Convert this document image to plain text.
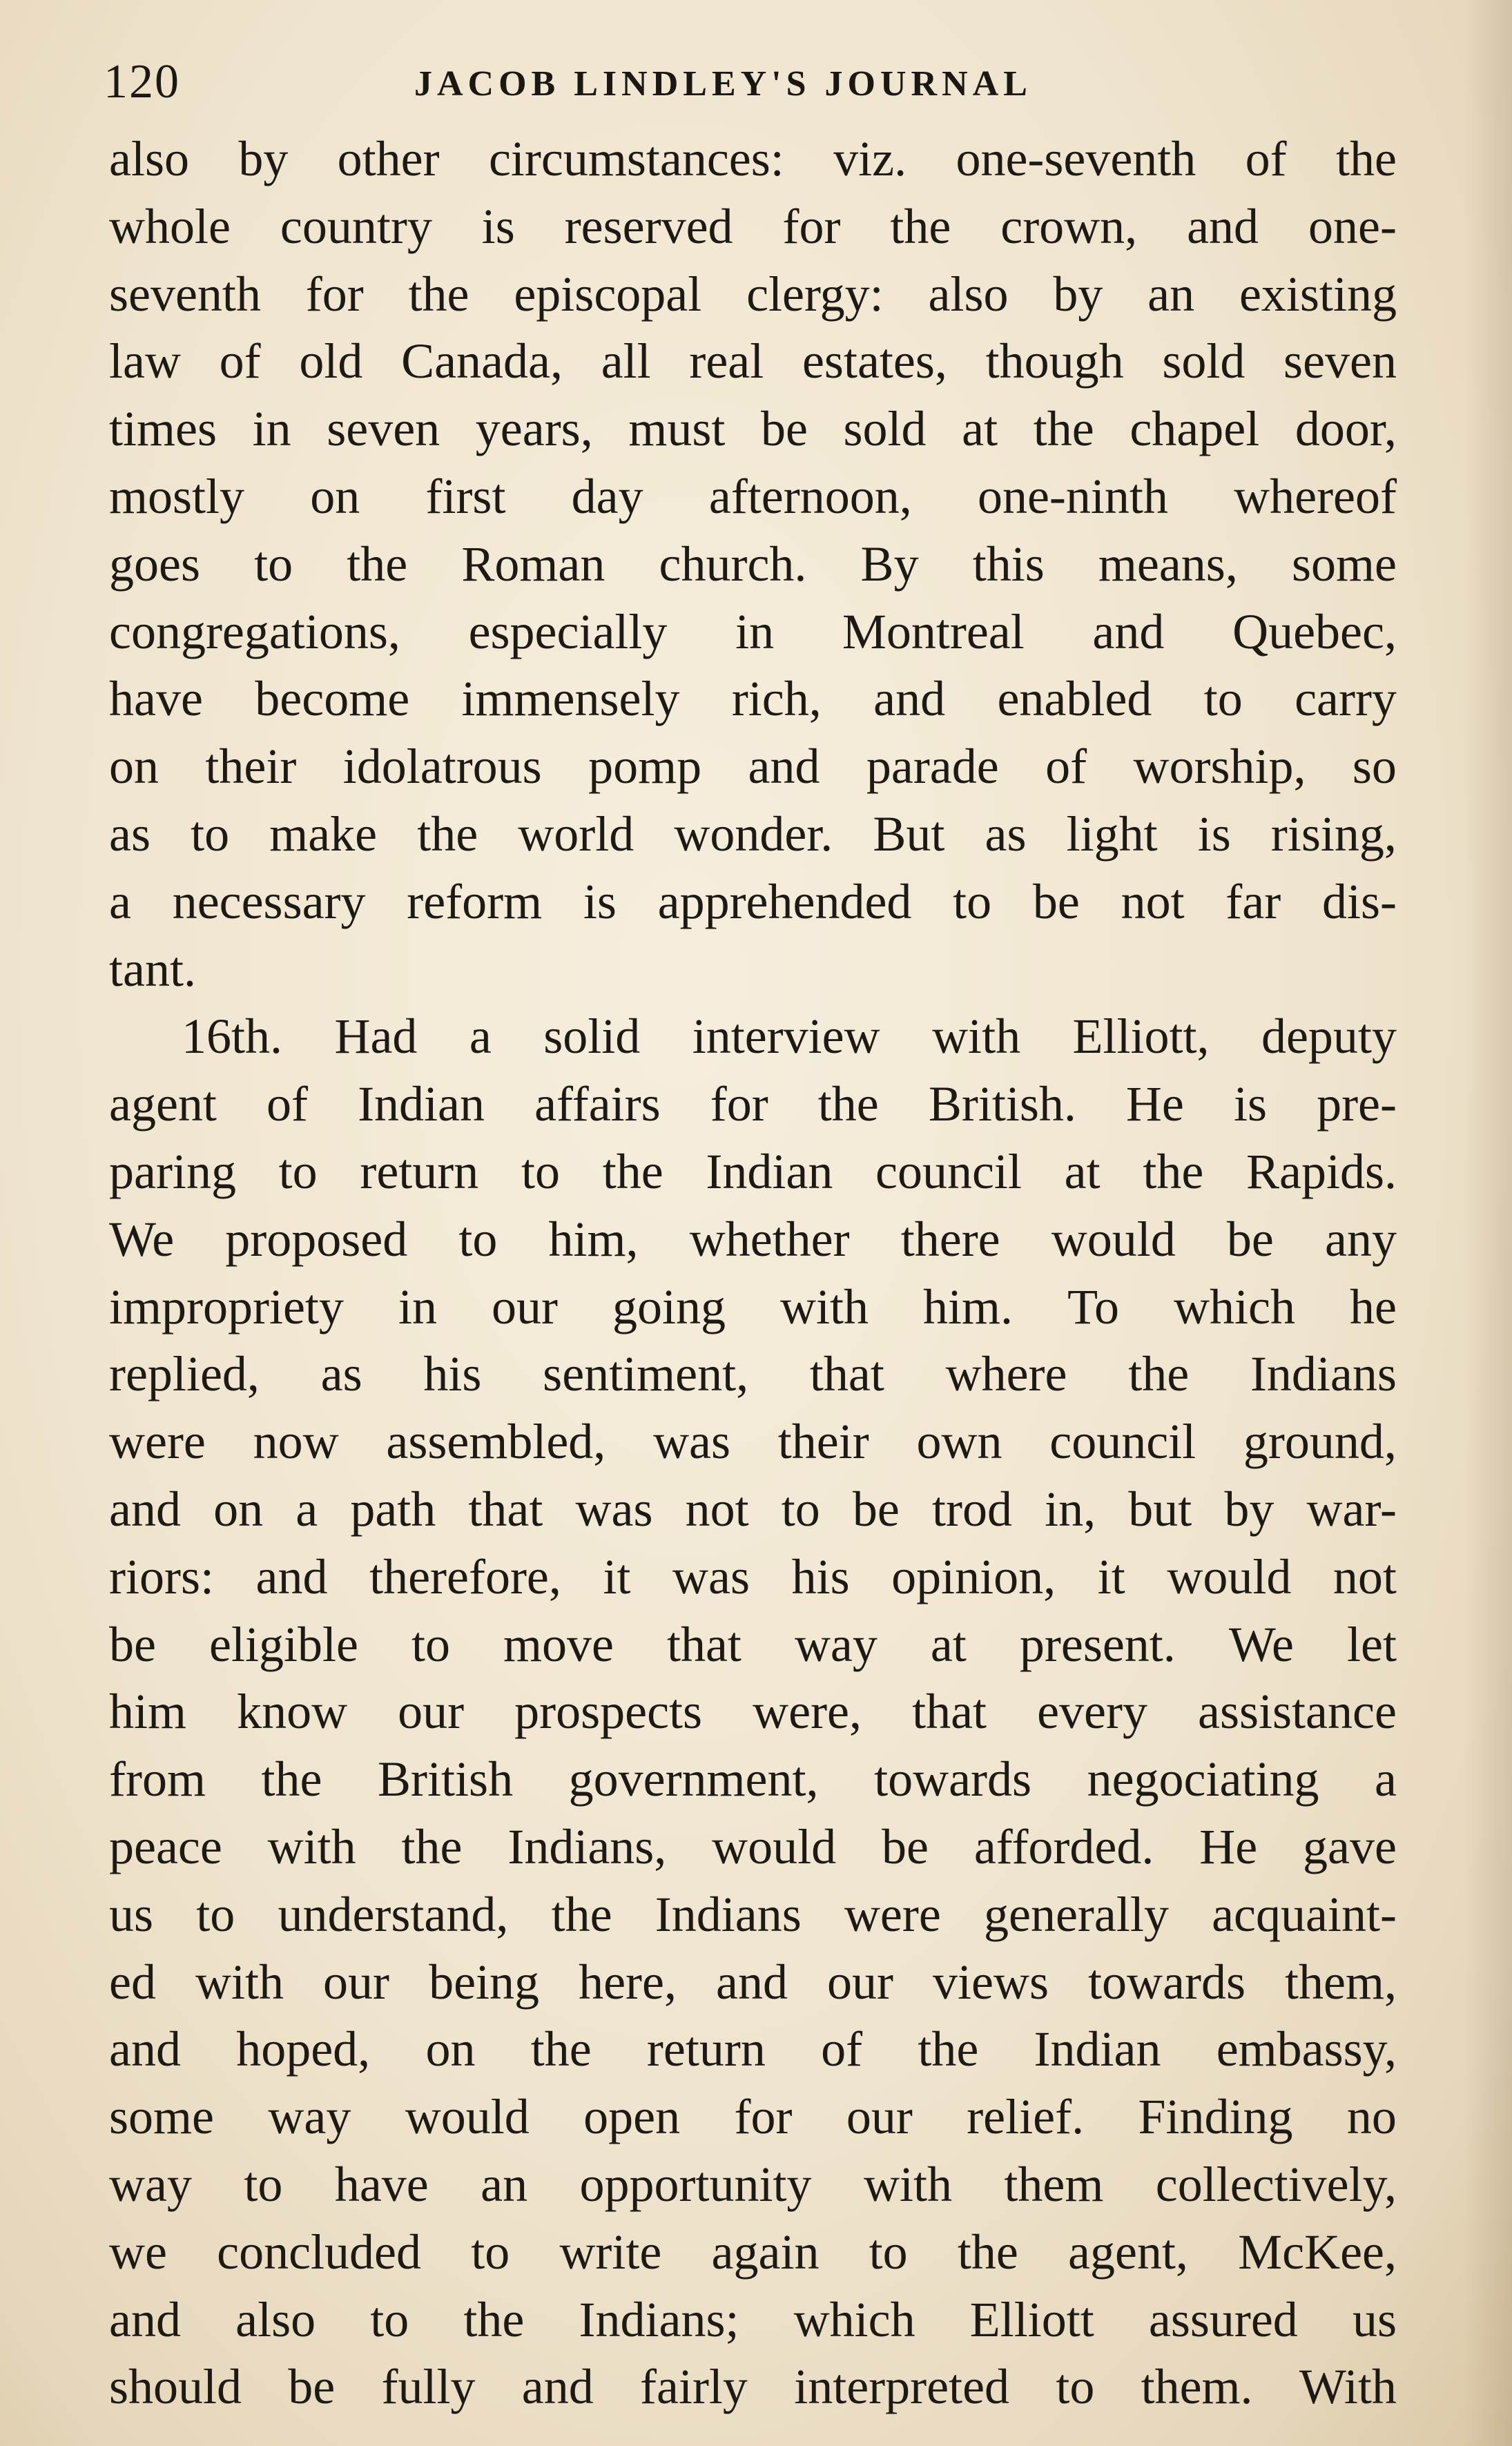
120	JACOB LINDLEY'S JOURNAL
also by other circumstances: viz. one-seventh of the
whole country is reserved for the crown, and one-
seventh for the episcopal clergy: also by an existing
law of old Canada, all real estates, though sold seven
times in seven years, must be sold at the chapel door,
mostly on first day afternoon, one-ninth whereof
goes to the Roman church. By this means, some
congregations, especially in Montreal and Quebec,
have become immensely rich, and enabled to carry
on their idolatrous pomp and parade of worship, so
as to make the world wonder. But as light is rising,
a necessary reform is apprehended to be not far dis-
tant.
16th. Had a solid interview with Elliott, deputy
agent of Indian affairs for the British. He is pre-
paring to return to the Indian council at the Rapids.
We proposed to him, whether there would be any
impropriety in our going with him. To which he
replied, as his sentiment, that where the Indians
were now assembled, was their own council ground,
and on a path that was not to be trod in, but by war-
riors: and therefore, it was his opinion, it would not
be eligible to move that way at present. We let
him know our prospects were, that every assistance
from the British government, towards negociating a
peace with the Indians, would be afforded. He gave
us to understand, the Indians were generally acquaint-
ed with our being here, and our views towards them,
and hoped, on the return of the Indian embassy,
some way would open for our relief. Finding no
way to have an opportunity with them collectively,
we concluded to write again to the agent, McKee,
and also to the Indians; which Elliott assured us
should be fully and fairly interpreted to them. With
